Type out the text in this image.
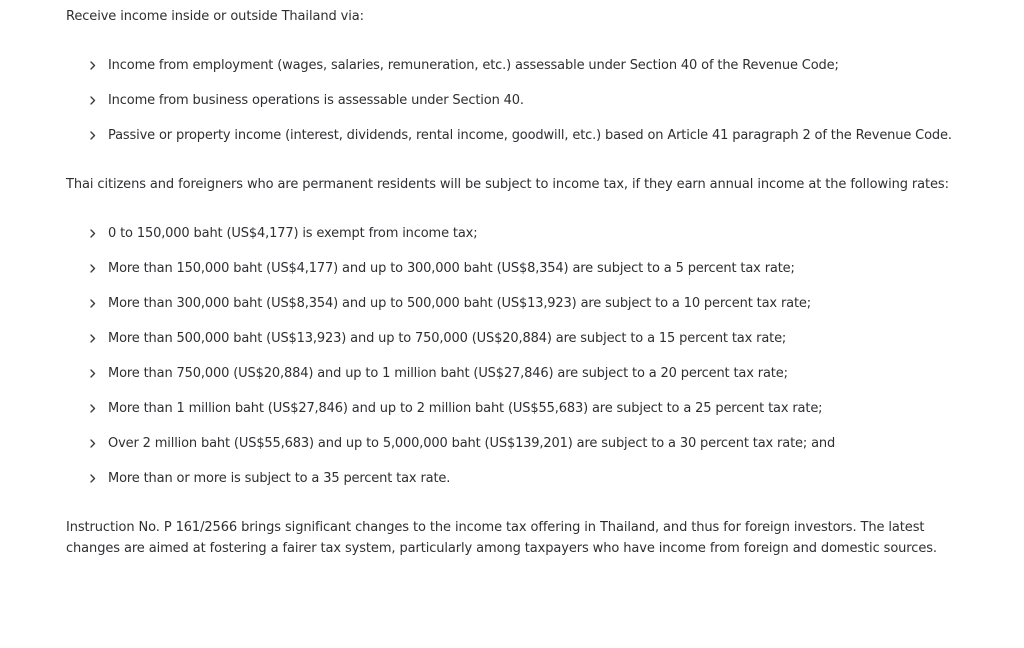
Receive income inside or outside Thailand via:

Income from employment (wages, salaries, remuneration, etc.) assessable under Section 40 of the Revenue Code;
Income from business operations is assessable under Section 40.
Passive or property income (interest, dividends, rental income, goodwill, etc.) based on Article 41 paragraph 2 of the Revenue Code.

Thai citizens and foreigners who are permanent residents will be subject to income tax, if they earn annual income at the following rates:

0 to 150,000 baht (US$4,177) is exempt from income tax;
More than 150,000 baht (US$4,177) and up to 300,000 baht (US$8,354) are subject to a 5 percent tax rate;
More than 300,000 baht (US$8,354) and up to 500,000 baht (US$13,923) are subject to a 10 percent tax rate;
More than 500,000 baht (US$13,923) and up to 750,000 (US$20,884) are subject to a 15 percent tax rate;
More than 750,000 (US$20,884) and up to 1 million baht (US$27,846) are subject to a 20 percent tax rate;
More than 1 million baht (US$27,846) and up to 2 million baht (US$55,683) are subject to a 25 percent tax rate;
Over 2 million baht (US$55,683) and up to 5,000,000 baht (US$139,201) are subject to a 30 percent tax rate; and
More than or more is subject to a 35 percent tax rate.

Instruction No. P 161/2566 brings significant changes to the income tax offering in Thailand, and thus for foreign investors. The latest changes are aimed at fostering a fairer tax system, particularly among taxpayers who have income from foreign and domestic sources.
